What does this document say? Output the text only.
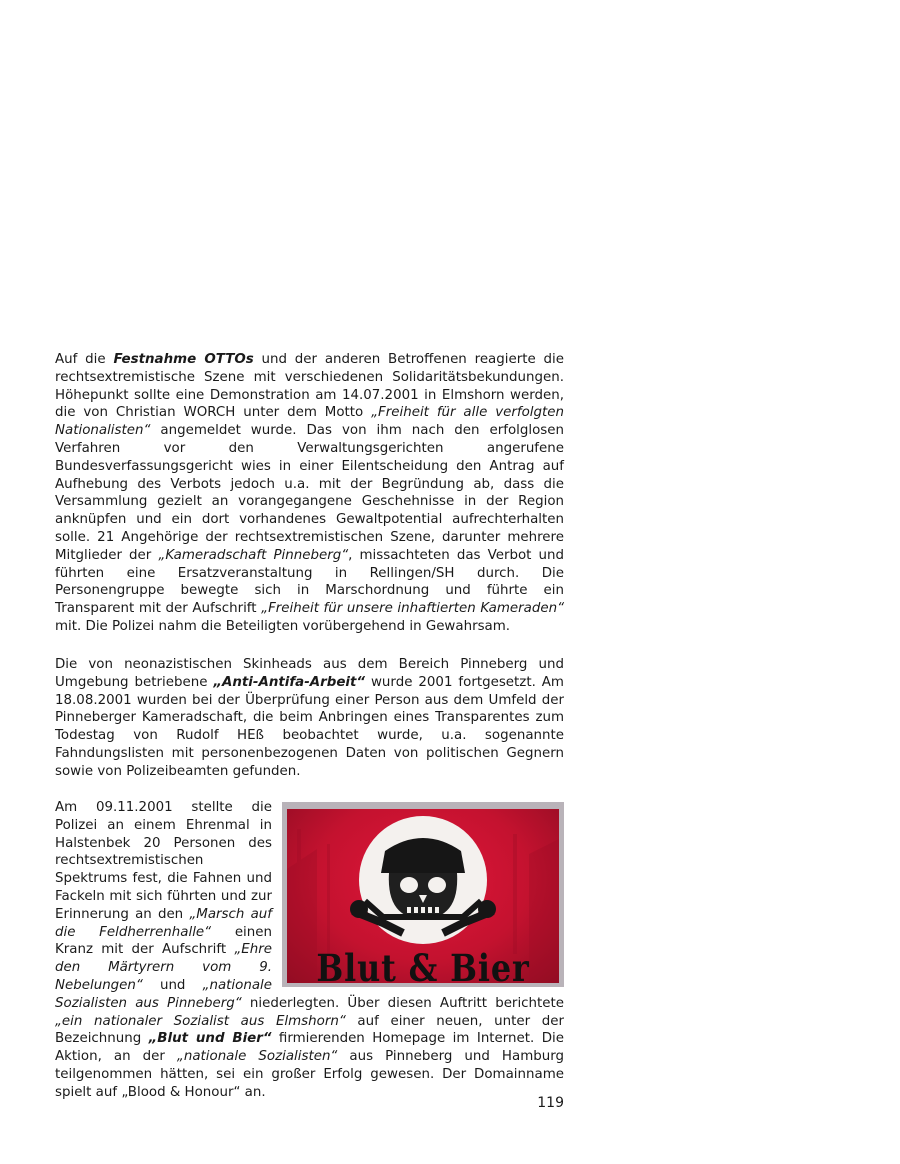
Auf die Festnahme OTTOs und der anderen Betroffenen reagierte die rechtsextremistische Szene mit verschiedenen Solidaritätsbekundungen. Höhepunkt sollte eine Demonstration am 14.07.2001 in Elmshorn werden, die von Christian WORCH unter dem Motto „Freiheit für alle verfolgten Nationalisten“ angemeldet wurde. Das von ihm nach den erfolglosen Verfahren vor den Verwaltungsgerichten angerufene Bundesverfassungsgericht wies in einer Eilentscheidung den Antrag auf Aufhebung des Verbots jedoch u.a. mit der Begründung ab, dass die Versammlung gezielt an vorangegangene Geschehnisse in der Region anknüpfen und ein dort vorhandenes Gewaltpotential aufrechterhalten solle. 21 Angehörige der rechtsextremistischen Szene, darunter mehrere Mitglieder der „Kameradschaft Pinneberg“, missachteten das Verbot und führten eine Ersatzveranstaltung in Rellingen/SH durch. Die Personengruppe bewegte sich in Marschordnung und führte ein Transparent mit der Aufschrift „Freiheit für unsere inhaftierten Kameraden“ mit. Die Polizei nahm die Beteiligten vorübergehend in Gewahrsam.

Die von neonazistischen Skinheads aus dem Bereich Pinneberg und Umgebung betriebene „Anti-Antifa-Arbeit“ wurde 2001 fortgesetzt. Am 18.08.2001 wurden bei der Überprüfung einer Person aus dem Umfeld der Pinneberger Kameradschaft, die beim Anbringen eines Transparentes zum Todestag von Rudolf HEß beobachtet wurde, u.a. sogenannte Fahndungslisten mit personenbezogenen Daten von politischen Gegnern sowie von Polizeibeamten gefunden.

Blut & Bier

Am 09.11.2001 stellte die Polizei an einem Ehrenmal in Halstenbek 20 Personen des rechtsextremistischen Spektrums fest, die Fahnen und Fackeln mit sich führten und zur Erinnerung an den „Marsch auf die Feldherrenhalle“ einen Kranz mit der Aufschrift „Ehre den Märtyrern vom 9. Nebelungen“ und „nationale Sozialisten aus Pinneberg“ niederlegten. Über diesen Auftritt berichtete „ein nationaler Sozialist aus Elmshorn“ auf einer neuen, unter der Bezeichnung „Blut und Bier“ firmierenden Homepage im Internet. Die Aktion, an der „nationale Sozialisten“ aus Pinneberg und Hamburg teilgenommen hätten, sei ein großer Erfolg gewesen. Der Domainname spielt auf „Blood & Honour“ an.

119
